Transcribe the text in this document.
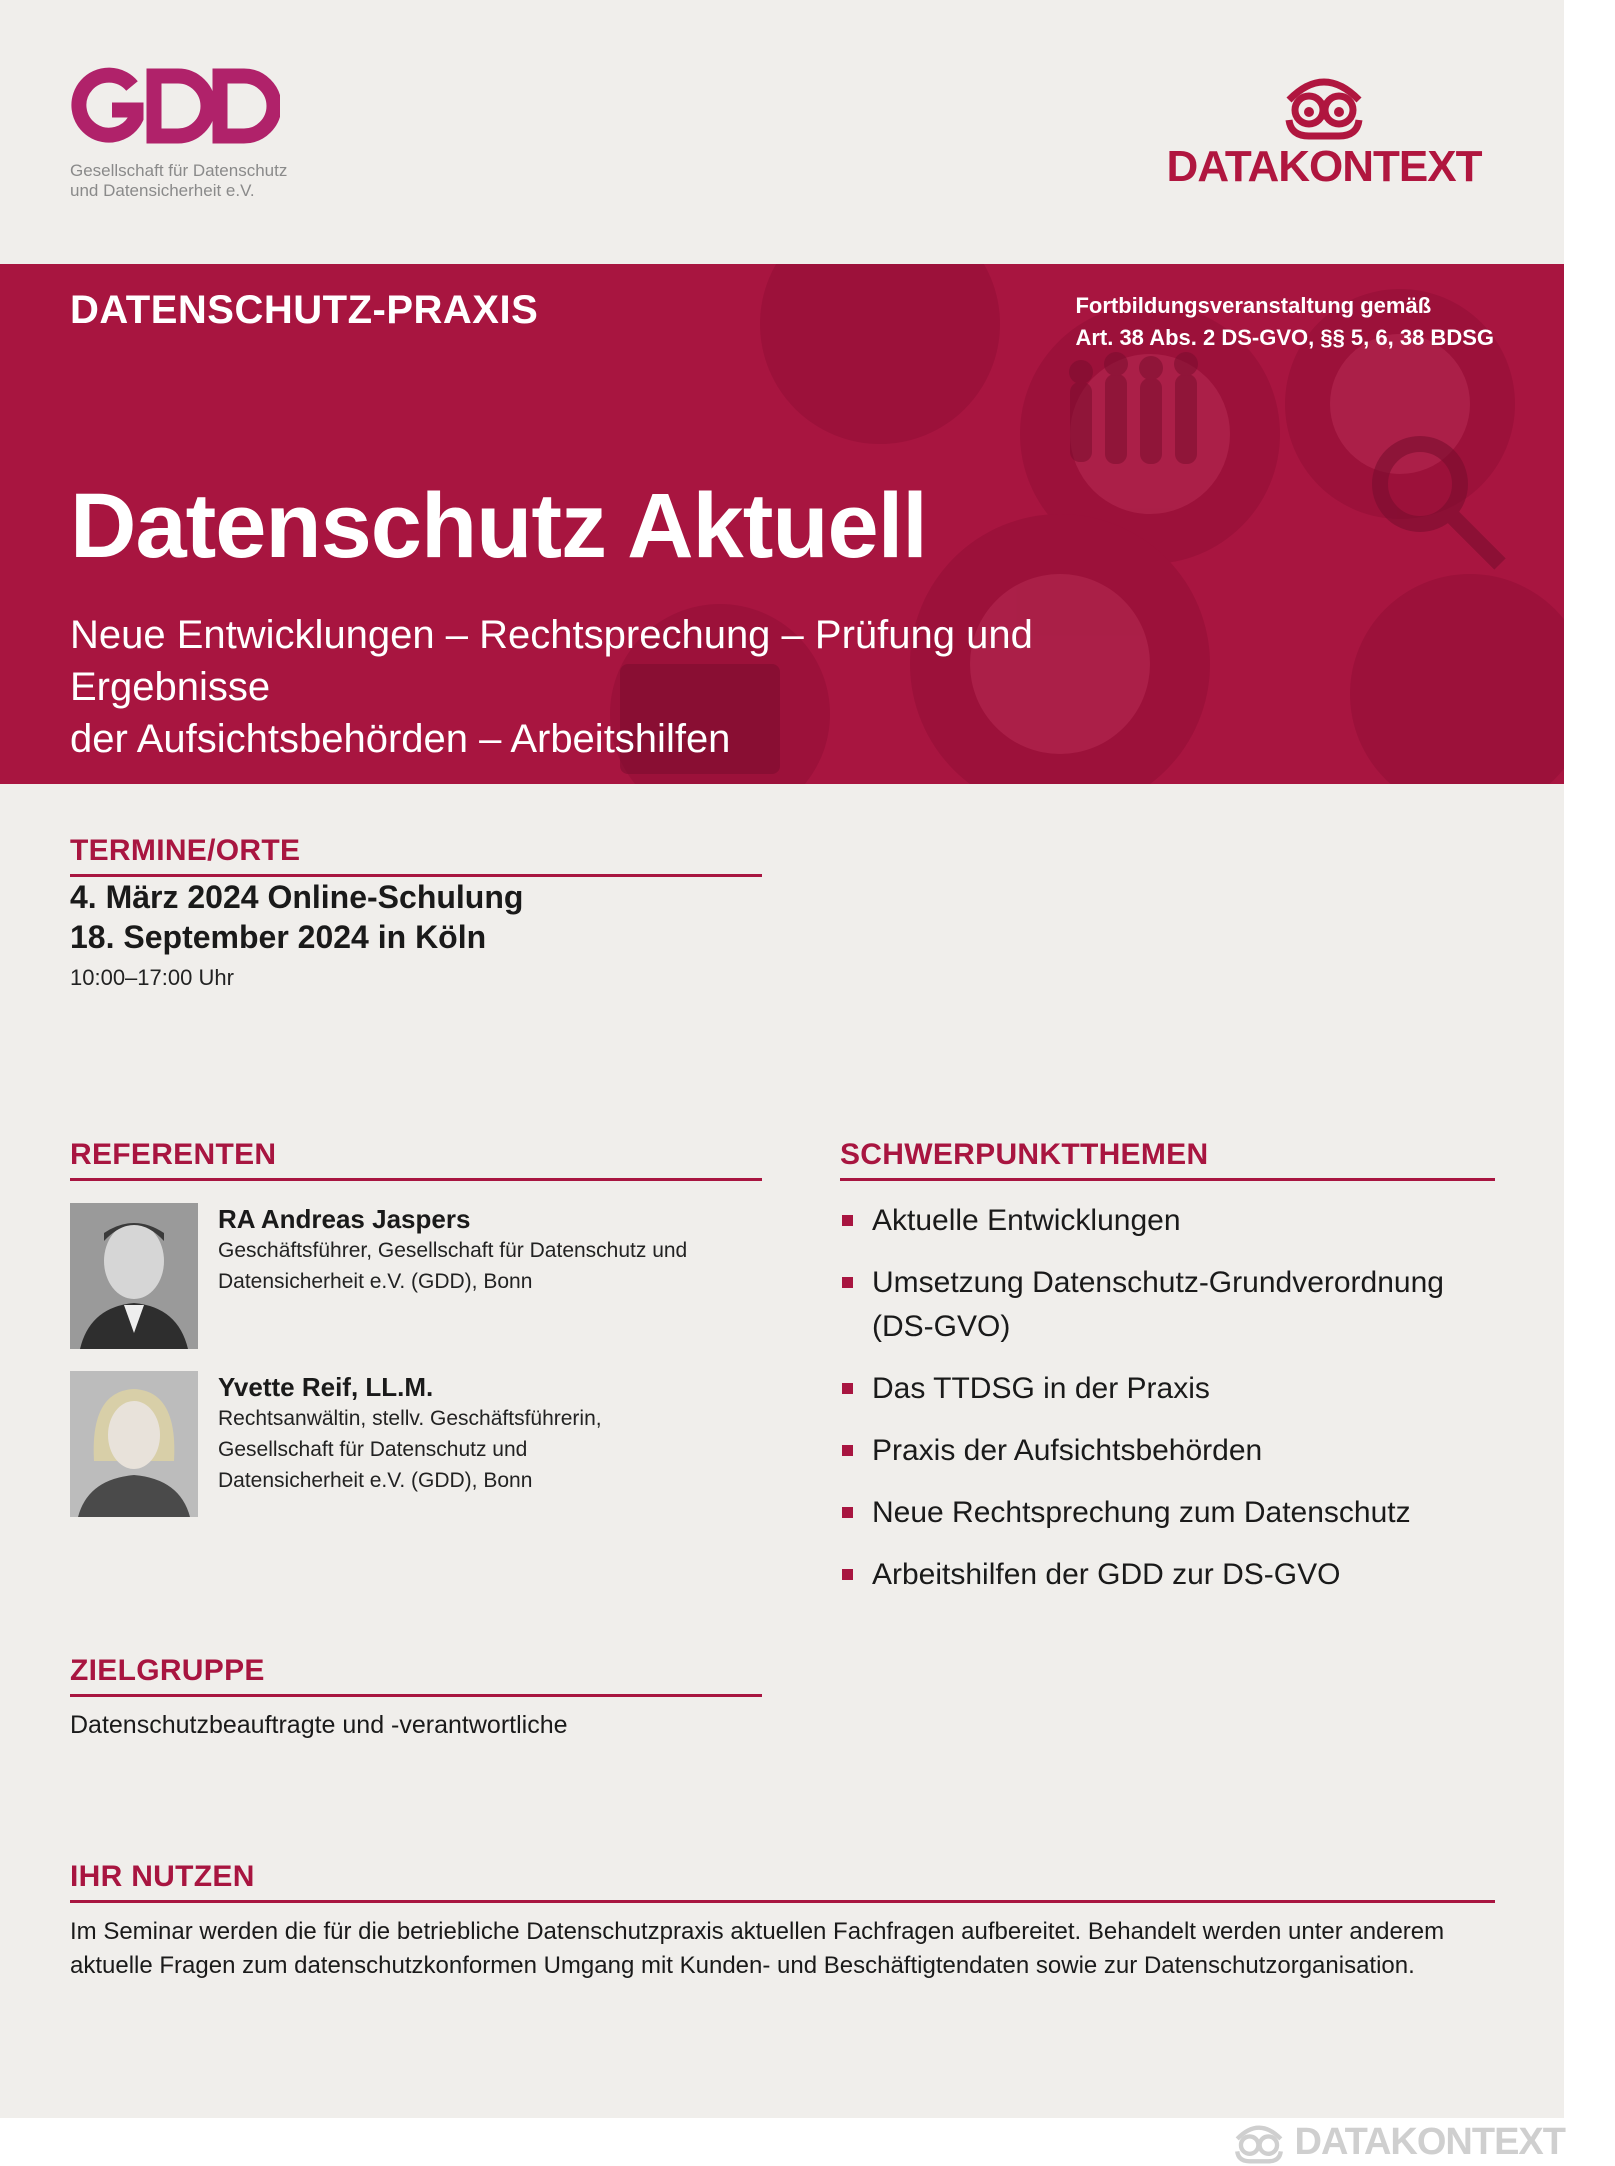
Gesellschaft für Datenschutz
und Datensicherheit e.V.	DATAKONTEXT
DATENSCHUTZ-PRAXIS	Fortbildungsveranstaltung gemäß
Art. 38 Abs. 2 DS-GVO, §§ 5, 6, 38 BDSG
Datenschutz Aktuell
Neue Entwicklungen – Rechtsprechung – Prüfung und Ergebnisse
der Aufsichtsbehörden – Arbeitshilfen
TERMINE/ORTE
4. März 2024 Online-Schulung
18. September 2024 in Köln
10:00–17:00 Uhr
REFERENTEN
RA Andreas Jaspers
Geschäftsführer, Gesellschaft für Datenschutz und
Datensicherheit e.V. (GDD), Bonn
Yvette Reif, LL.M.
Rechtsanwältin, stellv. Geschäftsführerin,
Gesellschaft für Datenschutz und
Datensicherheit e.V. (GDD), Bonn
SCHWERPUNKTTHEMEN
Aktuelle Entwicklungen
Umsetzung Datenschutz-Grundverordnung (DS-GVO)
Das TTDSG in der Praxis
Praxis der Aufsichtsbehörden
Neue Rechtsprechung zum Datenschutz
Arbeitshilfen der GDD zur DS-GVO
ZIELGRUPPE
Datenschutzbeauftragte und -verantwortliche
IHR NUTZEN
Im Seminar werden die für die betriebliche Datenschutzpraxis aktuellen Fachfragen aufbereitet. Behandelt werden unter anderem
aktuelle Fragen zum datenschutzkonformen Umgang mit Kunden- und Beschäftigtendaten sowie zur Datenschutzorganisation.
DATAKONTEXT
